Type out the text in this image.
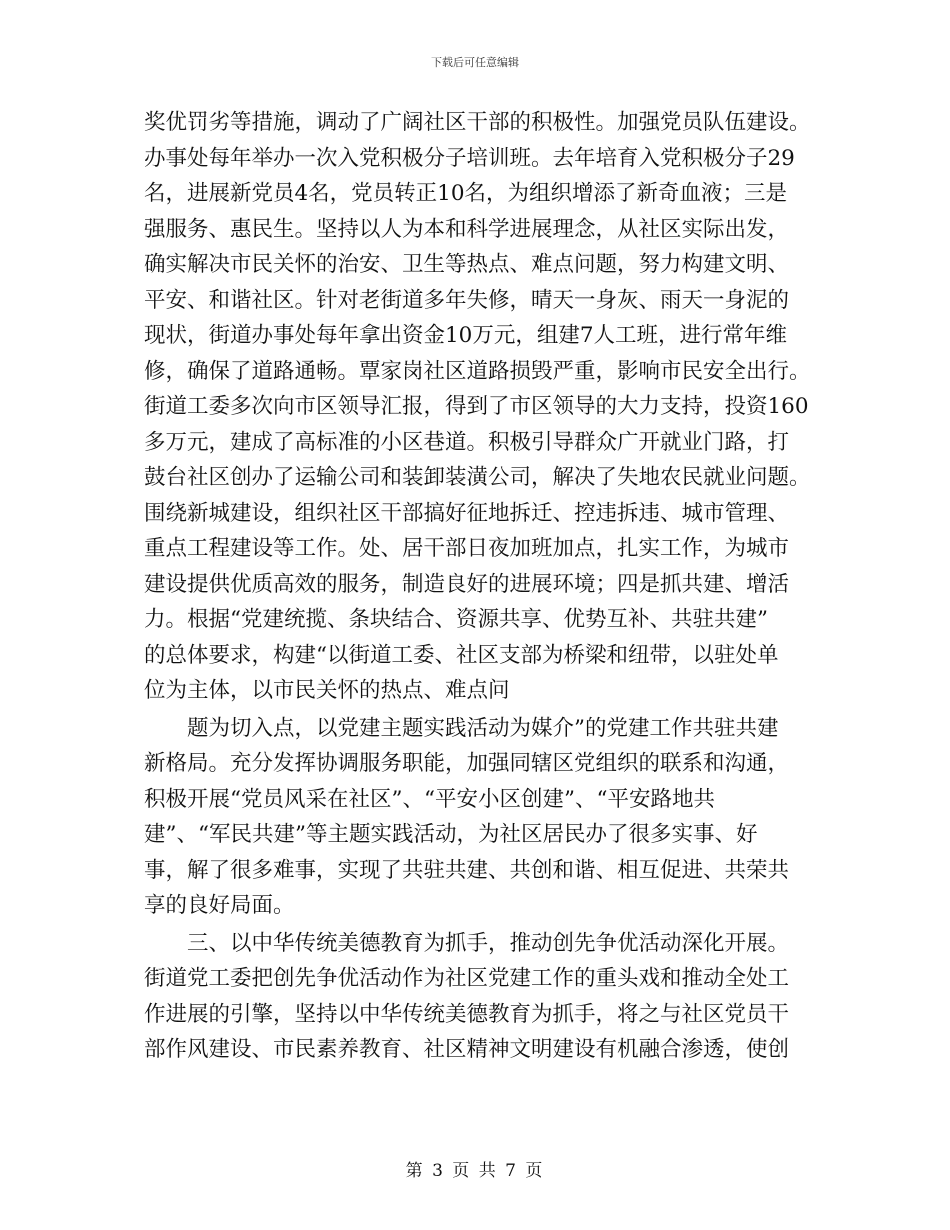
下载后可任意编辑
奖优罚劣等措施，调动了广阔社区干部的积极性。加强党员队伍建设。
办事处每年举办一次入党积极分子培训班。去年培育入党积极分子29
名，进展新党员4名，党员转正10名，为组织增添了新奇血液；三是
强服务、惠民生。坚持以人为本和科学进展理念，从社区实际出发，
确实解决市民关怀的治安、卫生等热点、难点问题，努力构建文明、
平安、和谐社区。针对老街道多年失修，晴天一身灰、雨天一身泥的
现状，街道办事处每年拿出资金10万元，组建7人工班，进行常年维
修，确保了道路通畅。覃家岗社区道路损毁严重，影响市民安全出行。
街道工委多次向市区领导汇报，得到了市区领导的大力支持，投资160
多万元，建成了高标准的小区巷道。积极引导群众广开就业门路，打
鼓台社区创办了运输公司和装卸装潢公司，解决了失地农民就业问题。
围绕新城建设，组织社区干部搞好征地拆迁、控违拆违、城市管理、
重点工程建设等工作。处、居干部日夜加班加点，扎实工作，为城市
建设提供优质高效的服务，制造良好的进展环境；四是抓共建、增活
力。根据“党建统揽、条块结合、资源共享、优势互补、共驻共建”
的总体要求，构建“以街道工委、社区支部为桥梁和纽带，以驻处单
位为主体，以市民关怀的热点、难点问
题为切入点，以党建主题实践活动为媒介”的党建工作共驻共建
新格局。充分发挥协调服务职能，加强同辖区党组织的联系和沟通，
积极开展“党员风采在社区”、“平安小区创建”、“平安路地共
建”、“军民共建”等主题实践活动，为社区居民办了很多实事、好
事，解了很多难事，实现了共驻共建、共创和谐、相互促进、共荣共
享的良好局面。
三、以中华传统美德教育为抓手，推动创先争优活动深化开展。
街道党工委把创先争优活动作为社区党建工作的重头戏和推动全处工
作进展的引擎，坚持以中华传统美德教育为抓手，将之与社区党员干
部作风建设、市民素养教育、社区精神文明建设有机融合渗透，使创
第 3 页 共 7 页
